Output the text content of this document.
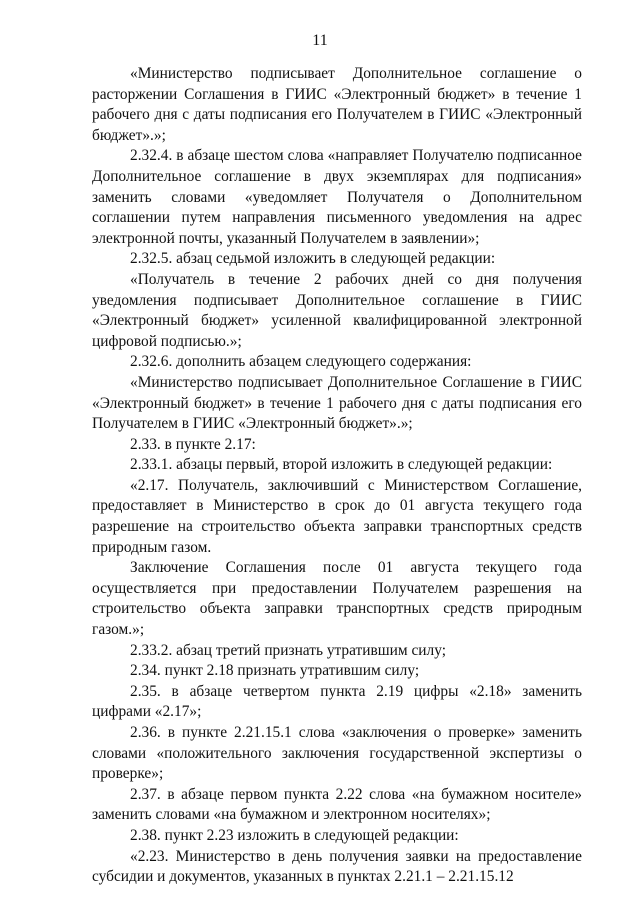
11

«Министерство подписывает Дополнительное соглашение о расторжении Соглашения в ГИИС «Электронный бюджет» в течение 1 рабочего дня с даты подписания его Получателем в ГИИС «Электронный бюджет».»;

2.32.4. в абзаце шестом слова «направляет Получателю подписанное Дополнительное соглашение в двух экземплярах для подписания» заменить словами «уведомляет Получателя о Дополнительном соглашении путем направления письменного уведомления на адрес электронной почты, указанный Получателем в заявлении»;

2.32.5. абзац седьмой изложить в следующей редакции:

«Получатель в течение 2 рабочих дней со дня получения уведомления подписывает Дополнительное соглашение в ГИИС «Электронный бюджет» усиленной квалифицированной электронной цифровой подписью.»;

2.32.6. дополнить абзацем следующего содержания:

«Министерство подписывает Дополнительное Соглашение в ГИИС «Электронный бюджет» в течение 1 рабочего дня с даты подписания его Получателем в ГИИС «Электронный бюджет».»;

2.33. в пункте 2.17:

2.33.1. абзацы первый, второй изложить в следующей редакции:

«2.17. Получатель, заключивший с Министерством Соглашение, предоставляет в Министерство в срок до 01 августа текущего года разрешение на строительство объекта заправки транспортных средств природным газом.

Заключение Соглашения после 01 августа текущего года осуществляется при предоставлении Получателем разрешения на строительство объекта заправки транспортных средств природным газом.»;

2.33.2. абзац третий признать утратившим силу;

2.34. пункт 2.18 признать утратившим силу;

2.35. в абзаце четвертом пункта 2.19 цифры «2.18» заменить цифрами «2.17»;

2.36. в пункте 2.21.15.1 слова «заключения о проверке» заменить словами «положительного заключения государственной экспертизы о проверке»;

2.37. в абзаце первом пункта 2.22 слова «на бумажном носителе» заменить словами «на бумажном и электронном носителях»;

2.38. пункт 2.23 изложить в следующей редакции:

«2.23. Министерство в день получения заявки на предоставление субсидии и документов, указанных в пунктах 2.21.1 – 2.21.15.12
